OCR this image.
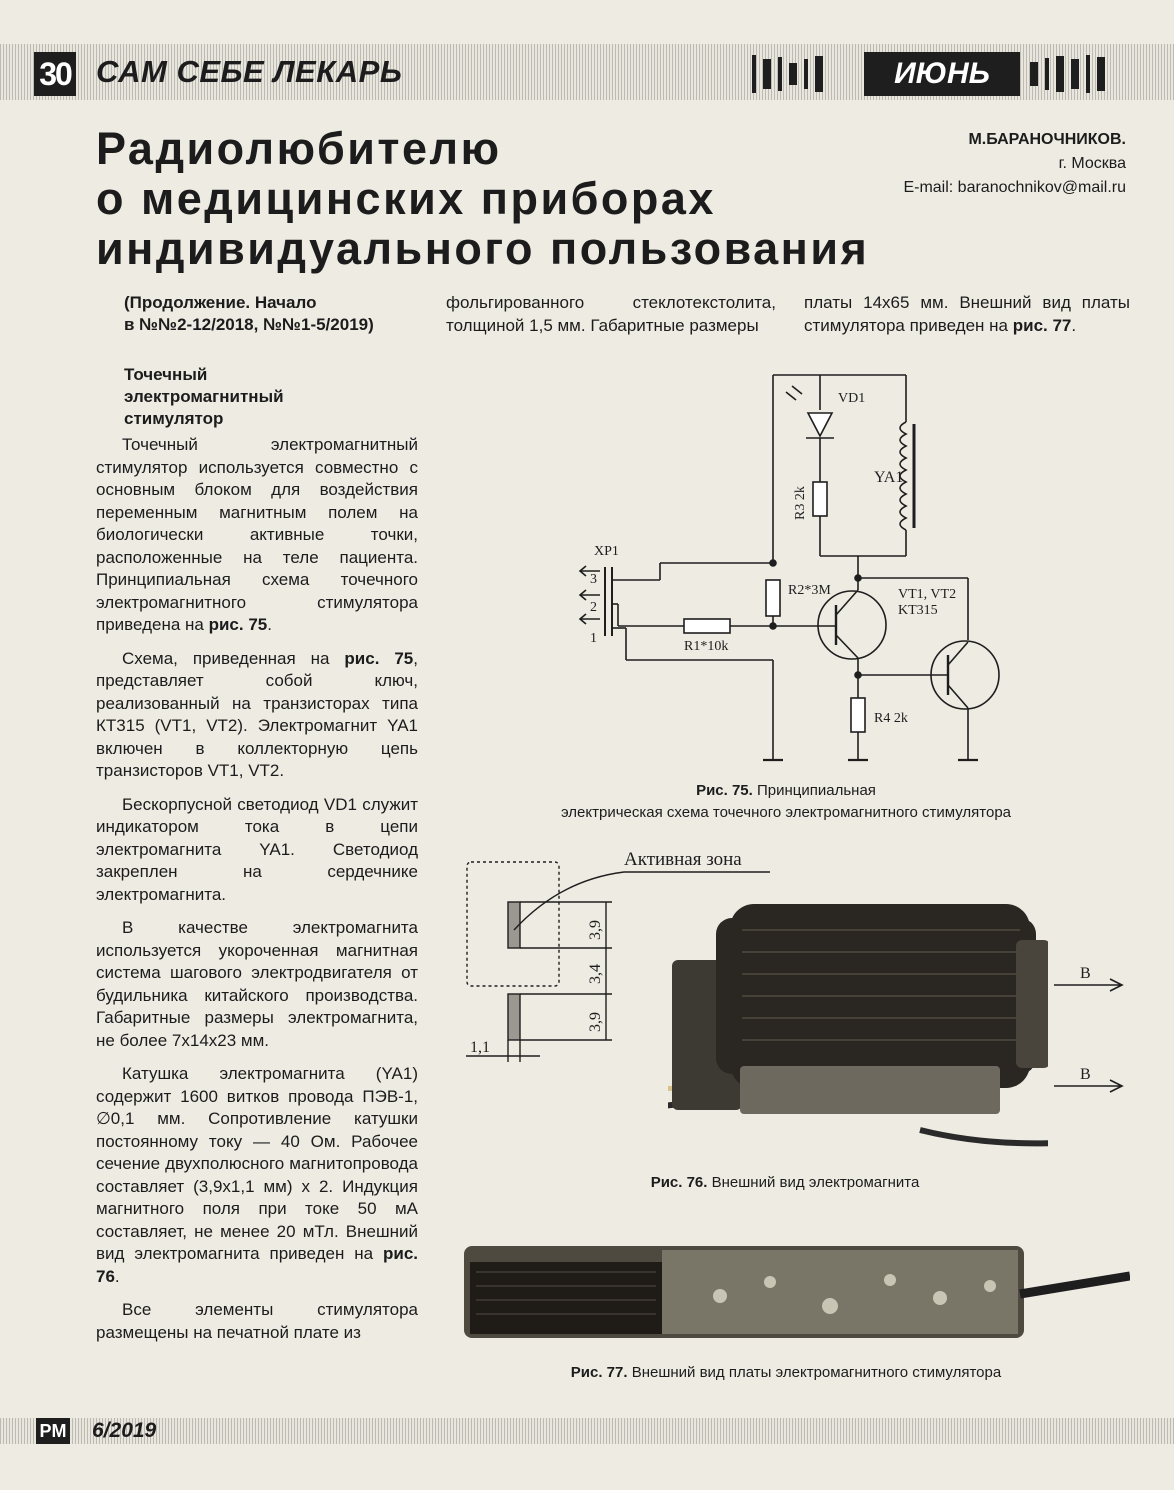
30 САМ СЕБЕ ЛЕКАРЬ	ИЮНЬ
Радиолюбителю
о медицинских приборах
индивидуального пользования
М.БАРАНОЧНИКОВ.
г. Москва
E-mail: baranochnikov@mail.ru
(Продолжение. Начало
в №№2-12/2018, №№1-5/2019)
Точечный
электромагнитный
стимулятор

Точечный электромагнитный стимулятор используется совместно с основным блоком для воздействия переменным магнитным полем на биологически активные точки, расположенные на теле пациента. Принципиальная схема точечного электромагнитного стимулятора приведена на рис. 75.

Схема, приведенная на рис. 75, представляет собой ключ, реализованный на транзисторах типа КТ315 (VT1, VT2). Электромагнит YA1 включен в коллекторную цепь транзисторов VT1, VT2.

Бескорпусной светодиод VD1 служит индикатором тока в цепи электромагнита YA1. Светодиод закреплен на сердечнике электромагнита.

В качестве электромагнита используется укороченная магнитная система шагового электродвигателя от будильника китайского производства. Габаритные размеры электромагнита, не более 7x14x23 мм.

Катушка электромагнита (YA1) содержит 1600 витков провода ПЭВ-1, ∅0,1 мм. Сопротивление катушки постоянному току — 40 Ом. Рабочее сечение двухполюсного магнитопровода составляет (3,9x1,1 мм) x 2. Индукция магнитного поля при токе 50 мА составляет, не менее 20 мТл. Внешний вид электромагнита приведен на рис. 76.

Все элементы стимулятора размещены на печатной плате из

фольгированного стеклотекстолита, толщиной 1,5 мм. Габаритные размеры

платы 14x65 мм. Внешний вид платы стимулятора приведен на рис. 77.

VD1
YA1
R3 2k
R2*3M
R1*10k
R4 2k
VT1, VT2
KT315
XP1
3
2
1
Рис. 75. Принципиальная
электрическая схема точечного электромагнитного стимулятора
Активная зона
3,9
3,4
3,9
1,1
B
B
Рис. 76. Внешний вид электромагнита
Рис. 77. Внешний вид платы электромагнитного стимулятора
PM 6/2019
